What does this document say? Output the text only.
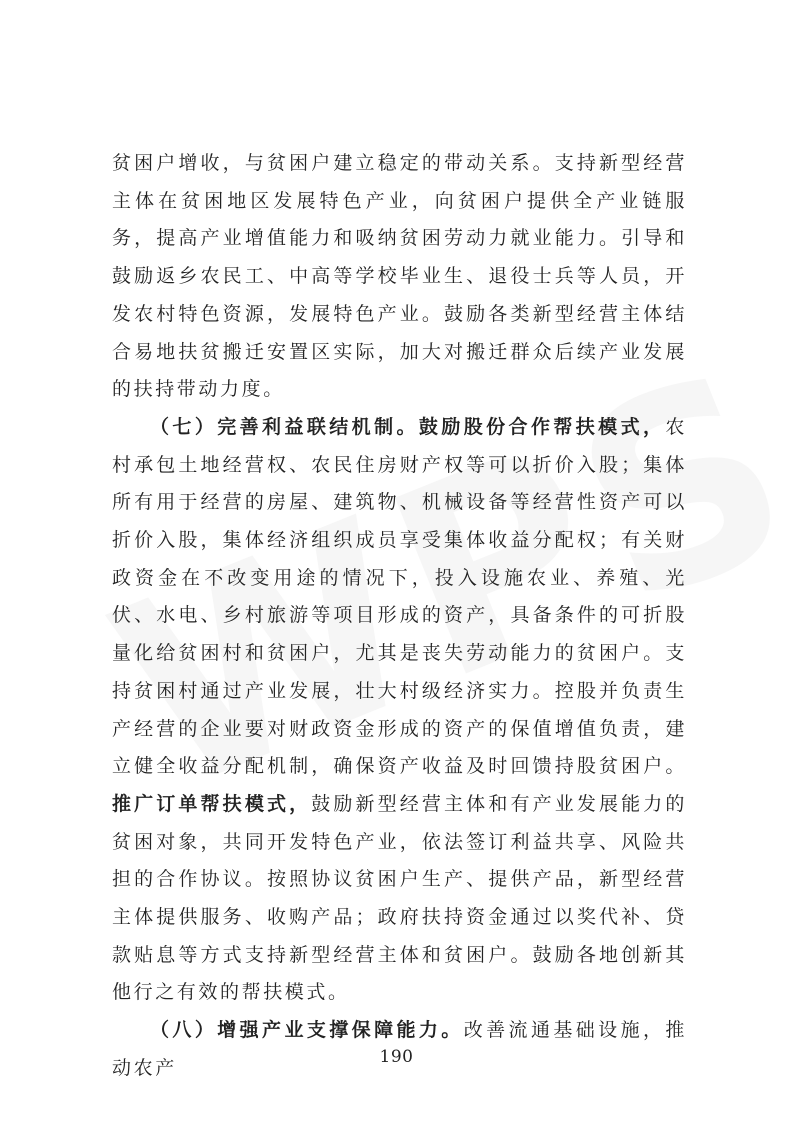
贫困户增收，与贫困户建立稳定的带动关系。支持新型经营主体在贫困地区发展特色产业，向贫困户提供全产业链服务，提高产业增值能力和吸纳贫困劳动力就业能力。引导和鼓励返乡农民工、中高等学校毕业生、退役士兵等人员，开发农村特色资源，发展特色产业。鼓励各类新型经营主体结合易地扶贫搬迁安置区实际，加大对搬迁群众后续产业发展的扶持带动力度。

（七）完善利益联结机制。鼓励股份合作帮扶模式，农村承包土地经营权、农民住房财产权等可以折价入股；集体所有用于经营的房屋、建筑物、机械设备等经营性资产可以折价入股，集体经济组织成员享受集体收益分配权；有关财政资金在不改变用途的情况下，投入设施农业、养殖、光伏、水电、乡村旅游等项目形成的资产，具备条件的可折股量化给贫困村和贫困户，尤其是丧失劳动能力的贫困户。支持贫困村通过产业发展，壮大村级经济实力。控股并负责生产经营的企业要对财政资金形成的资产的保值增值负责，建立健全收益分配机制，确保资产收益及时回馈持股贫困户。推广订单帮扶模式，鼓励新型经营主体和有产业发展能力的贫困对象，共同开发特色产业，依法签订利益共享、风险共担的合作协议。按照协议贫困户生产、提供产品，新型经营主体提供服务、收购产品；政府扶持资金通过以奖代补、贷款贴息等方式支持新型经营主体和贫困户。鼓励各地创新其他行之有效的帮扶模式。

（八）增强产业支撑保障能力。改善流通基础设施，推动农产	190
